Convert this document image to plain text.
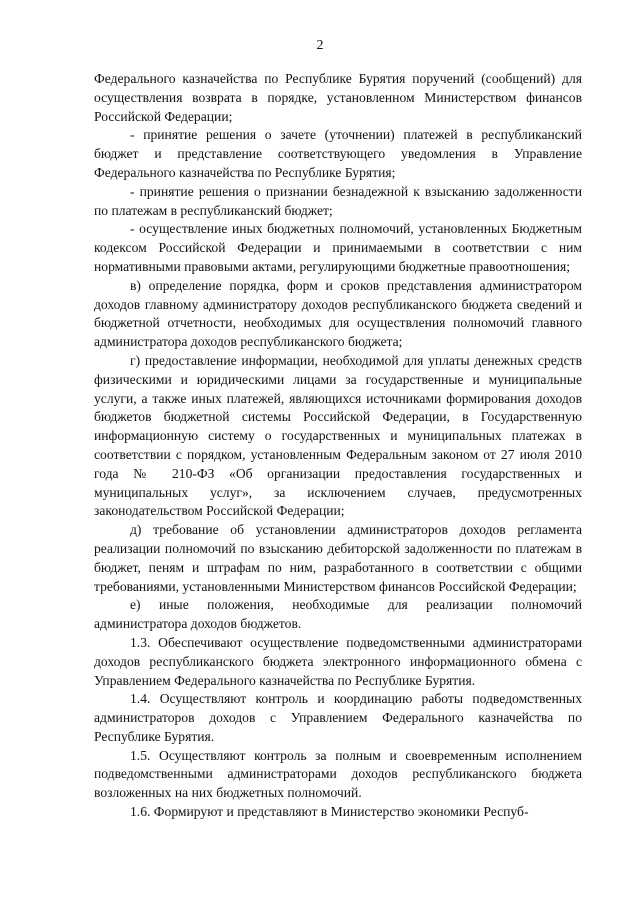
2

Федерального казначейства по Республике Бурятия поручений (сообщений) для осуществления возврата в порядке, установленном Министерством финансов Российской Федерации;

- принятие решения о зачете (уточнении) платежей в республиканский бюджет и представление соответствующего уведомления в Управление Федерального казначейства по Республике Бурятия;

- принятие решения о признании безнадежной к взысканию задолженности по платежам в республиканский бюджет;

- осуществление иных бюджетных полномочий, установленных Бюджетным кодексом Российской Федерации и принимаемыми в соответствии с ним нормативными правовыми актами, регулирующими бюджетные правоотношения;

в) определение порядка, форм и сроков представления администратором доходов главному администратору доходов республиканского бюджета сведений и бюджетной отчетности, необходимых для осуществления полномочий главного администратора доходов республиканского бюджета;

г) предоставление информации, необходимой для уплаты денежных средств физическими и юридическими лицами за государственные и муниципальные услуги, а также иных платежей, являющихся источниками формирования доходов бюджетов бюджетной системы Российской Федерации, в Государственную информационную систему о государственных и муниципальных платежах в соответствии с порядком, установленным Федеральным законом от 27 июля 2010 года № 210-ФЗ «Об организации предоставления государственных и муниципальных услуг», за исключением случаев, предусмотренных законодательством Российской Федерации;

д) требование об установлении администраторов доходов регламента реализации полномочий по взысканию дебиторской задолженности по платежам в бюджет, пеням и штрафам по ним, разработанного в соответствии с общими требованиями, установленными Министерством финансов Российской Федерации;

е) иные положения, необходимые для реализации полномочий администратора доходов бюджетов.

1.3. Обеспечивают осуществление подведомственными администраторами доходов республиканского бюджета электронного информационного обмена с Управлением Федерального казначейства по Республике Бурятия.

1.4. Осуществляют контроль и координацию работы подведомственных администраторов доходов с Управлением Федерального казначейства по Республике Бурятия.

1.5. Осуществляют контроль за полным и своевременным исполнением подведомственными администраторами доходов республиканского бюджета возложенных на них бюджетных полномочий.

1.6. Формируют и представляют в Министерство экономики Респуб-
